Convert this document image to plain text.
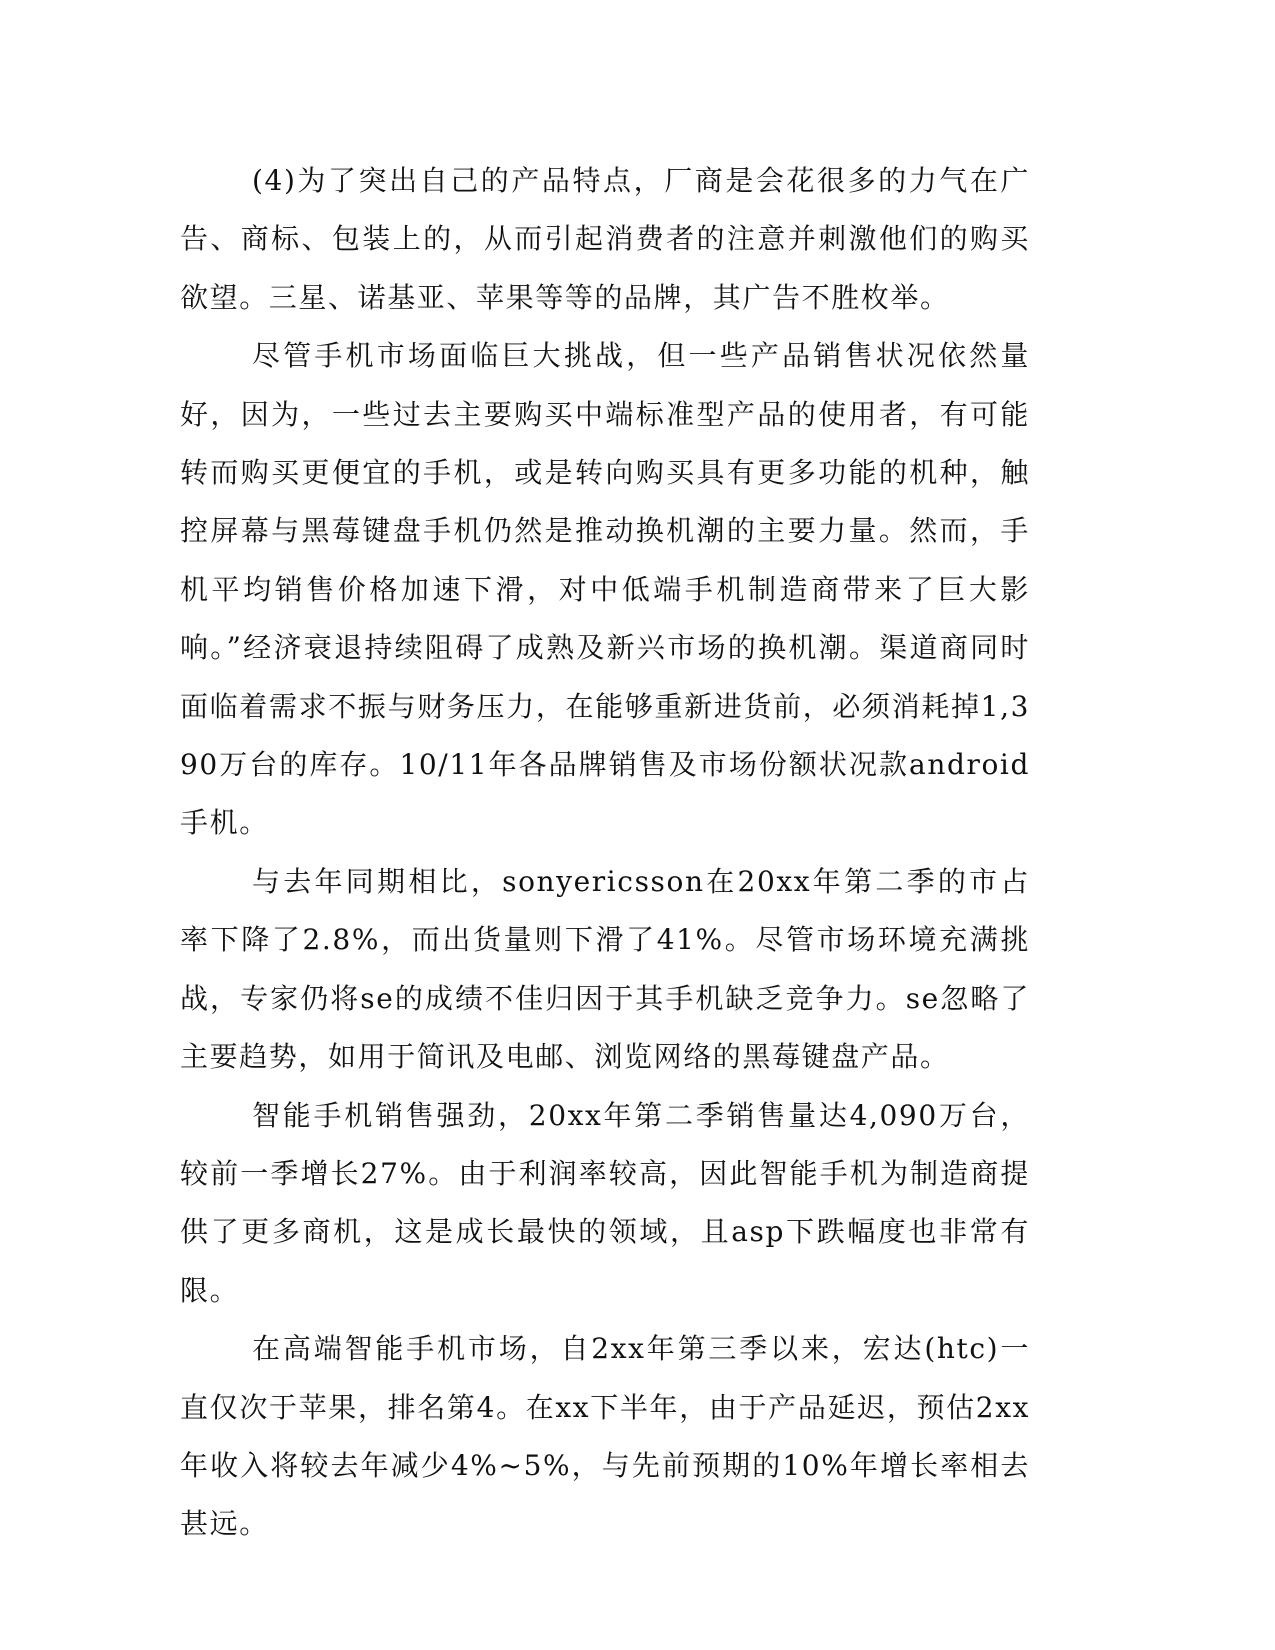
(4)为了突出自己的产品特点，厂商是会花很多的力气在广告、商标、包装上的，从而引起消费者的注意并刺激他们的购买欲望。三星、诺基亚、苹果等等的品牌，其广告不胜枚举。

尽管手机市场面临巨大挑战，但一些产品销售状况依然量好，因为，一些过去主要购买中端标准型产品的使用者，有可能转而购买更便宜的手机，或是转向购买具有更多功能的机种，触控屏幕与黑莓键盘手机仍然是推动换机潮的主要力量。然而，手机平均销售价格加速下滑，对中低端手机制造商带来了巨大影响。”经济衰退持续阻碍了成熟及新兴市场的换机潮。渠道商同时面临着需求不振与财务压力，在能够重新进货前，必须消耗掉1,390万台的库存。10/11年各品牌销售及市场份额状况款android手机。

与去年同期相比，sonyericsson在20xx年第二季的市占率下降了2.8%，而出货量则下滑了41%。尽管市场环境充满挑战，专家仍将se的成绩不佳归因于其手机缺乏竞争力。se忽略了主要趋势，如用于简讯及电邮、浏览网络的黑莓键盘产品。

智能手机销售强劲，20xx年第二季销售量达4,090万台，较前一季增长27%。由于利润率较高，因此智能手机为制造商提供了更多商机，这是成长最快的领域，且asp下跌幅度也非常有限。

在高端智能手机市场，自2xx年第三季以来，宏达(htc)一直仅次于苹果，排名第4。在xx下半年，由于产品延迟，预估2xx年收入将较去年减少4%~5%，与先前预期的10%年增长率相去甚远。
